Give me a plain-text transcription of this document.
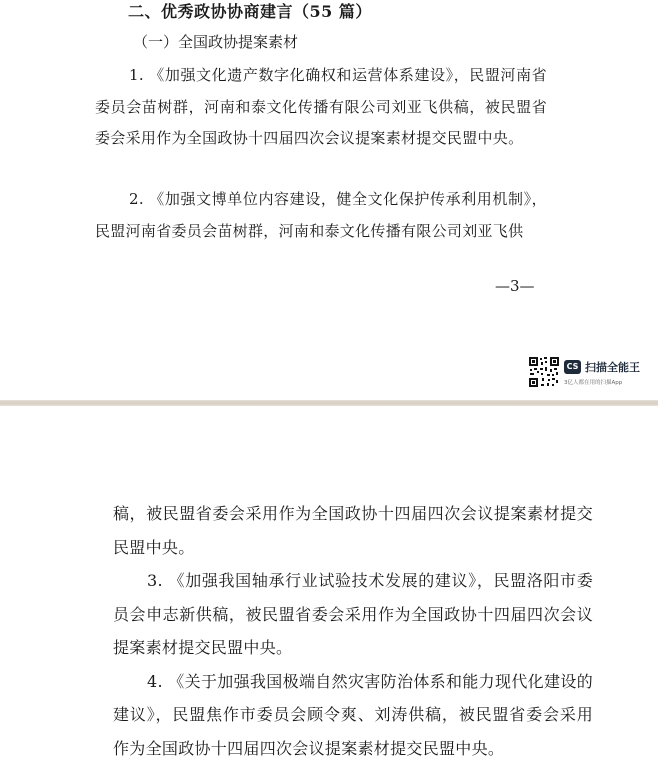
二、优秀政协协商建言（55 篇）
（一）全国政协提案素材
1. 《加强文化遗产数字化确权和运营体系建设》，民盟河南省委员会苗树群，河南和泰文化传播有限公司刘亚飞供稿，被民盟省委会采用作为全国政协十四届四次会议提案素材提交民盟中央。
2. 《加强文博单位内容建设，健全文化保护传承利用机制》，民盟河南省委员会苗树群，河南和泰文化传播有限公司刘亚飞供
—3—
CS 扫描全能王
3亿人都在用的扫描App
稿，被民盟省委会采用作为全国政协十四届四次会议提案素材提交民盟中央。
3. 《加强我国轴承行业试验技术发展的建议》，民盟洛阳市委员会申志新供稿，被民盟省委会采用作为全国政协十四届四次会议提案素材提交民盟中央。
4. 《关于加强我国极端自然灾害防治体系和能力现代化建设的建议》，民盟焦作市委员会顾令爽、刘涛供稿，被民盟省委会采用作为全国政协十四届四次会议提案素材提交民盟中央。
